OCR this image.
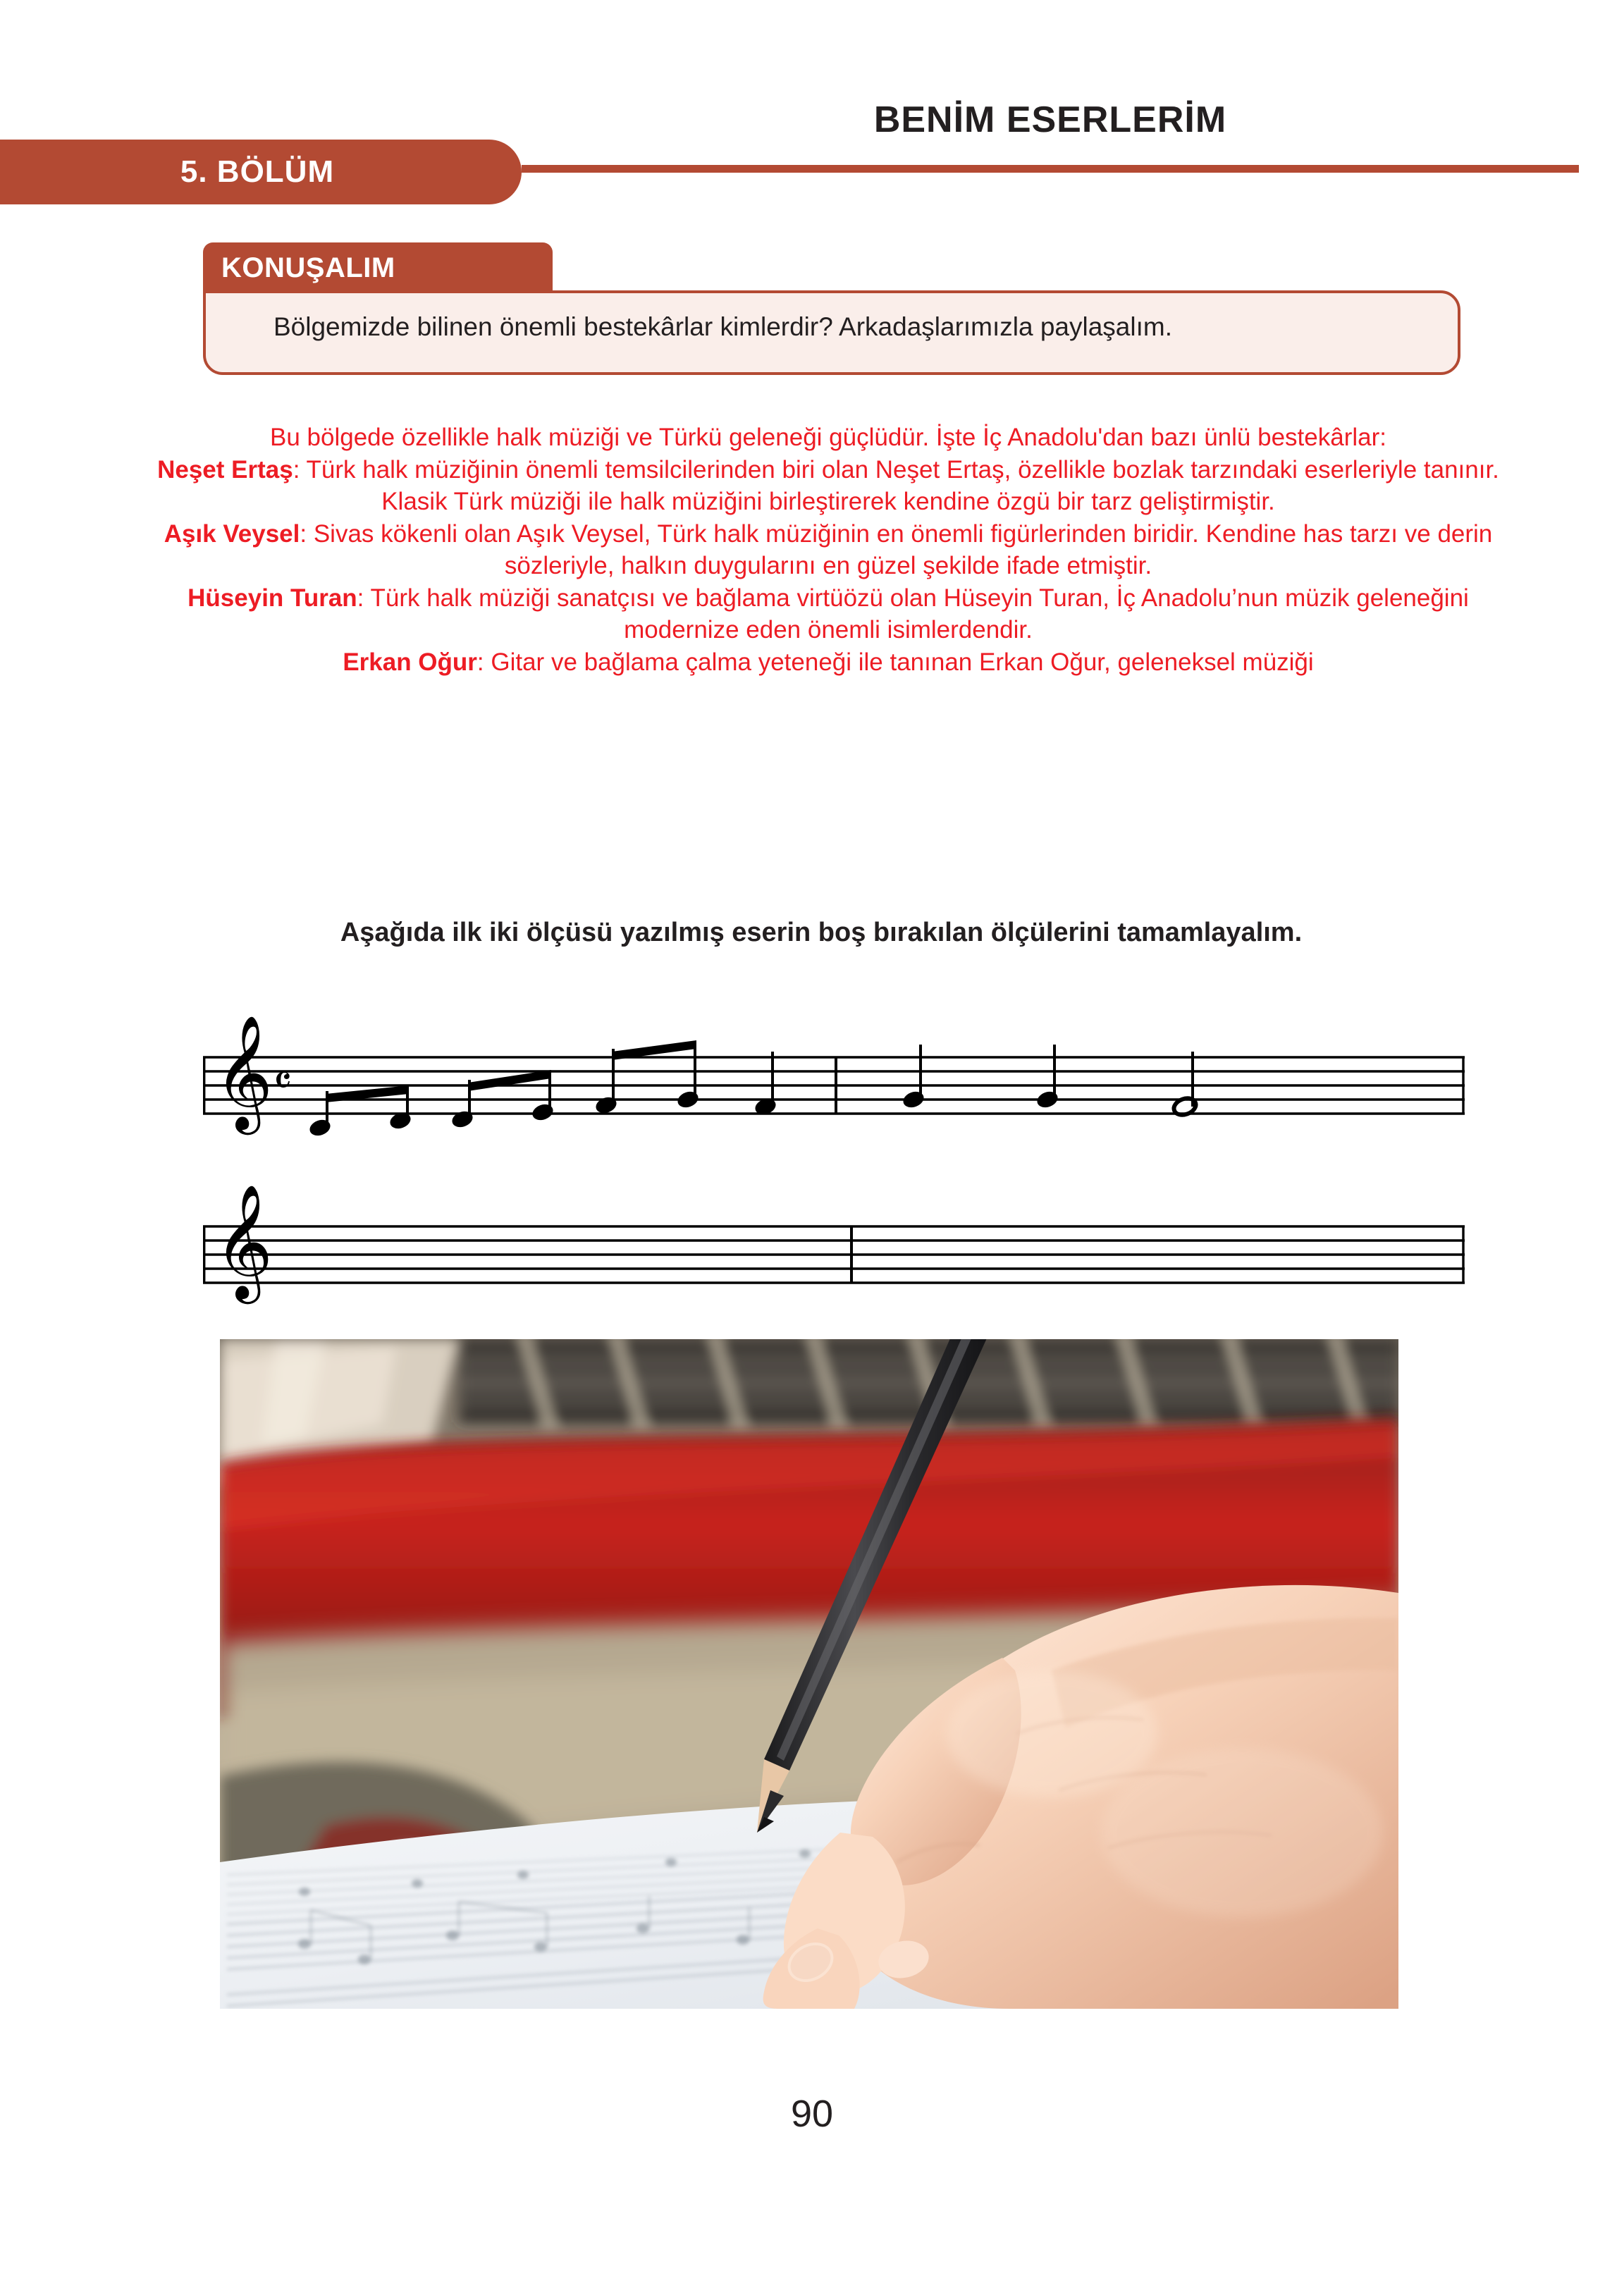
5. BÖLÜM
BENİM ESERLERİM
KONUŞALIM

Bölgemizde bilinen önemli bestekârlar kimlerdir? Arkadaşlarımızla paylaşalım.

Bu bölgede özellikle halk müziği ve Türkü geleneği güçlüdür. İşte İç Anadolu'dan bazı ünlü bestekârlar:

Neşet Ertaş: Türk halk müziğinin önemli temsilcilerinden biri olan Neşet Ertaş, özellikle bozlak tarzındaki eserleriyle tanınır. Klasik Türk müziği ile halk müziğini birleştirerek kendine özgü bir tarz geliştirmiştir.

Aşık Veysel: Sivas kökenli olan Aşık Veysel, Türk halk müziğinin en önemli figürlerinden biridir. Kendine has tarzı ve derin sözleriyle, halkın duygularını en güzel şekilde ifade etmiştir.

Hüseyin Turan: Türk halk müziği sanatçısı ve bağlama virtüözü olan Hüseyin Turan, İç Anadolu’nun müzik geleneğini modernize eden önemli isimlerdendir.

Erkan Oğur: Gitar ve bağlama çalma yeteneği ile tanınan Erkan Oğur, geleneksel müziği

Aşağıda ilk iki ölçüsü yazılmış eserin boş bırakılan ölçülerini tamamlayalım.
𝄞 𝄴
𝄞
90
